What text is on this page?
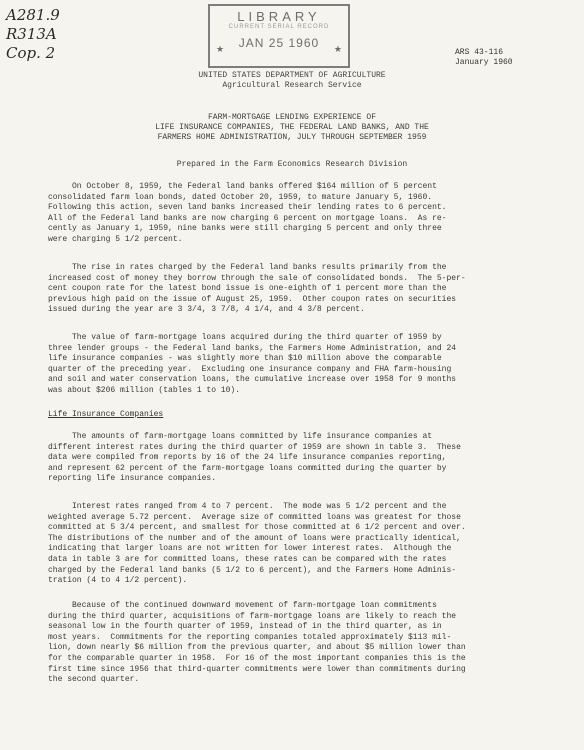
A281.9
R313A
Cop. 2
LIBRARY
CURRENT SERIAL RECORD
JAN 25 1960
★	★	ARS 43-116
January 1960
UNITED STATES DEPARTMENT OF AGRICULTURE
Agricultural Research Service
FARM-MORTGAGE LENDING EXPERIENCE OF
LIFE INSURANCE COMPANIES, THE FEDERAL LAND BANKS, AND THE
FARMERS HOME ADMINISTRATION, JULY THROUGH SEPTEMBER 1959
Prepared in the Farm Economics Research Division
On October 8, 1959, the Federal land banks offered $164 million of 5 percent
consolidated farm loan bonds, dated October 20, 1959, to mature January 5, 1960.
Following this action, seven land banks increased their lending rates to 6 percent.
All of the Federal land banks are now charging 6 percent on mortgage loans.  As re-
cently as January 1, 1959, nine banks were still charging 5 percent and only three
were charging 5 1/2 percent.
The rise in rates charged by the Federal land banks results primarily from the
increased cost of money they borrow through the sale of consolidated bonds.  The 5-per-
cent coupon rate for the latest bond issue is one-eighth of 1 percent more than the
previous high paid on the issue of August 25, 1959.  Other coupon rates on securities
issued during the year are 3 3/4, 3 7/8, 4 1/4, and 4 3/8 percent.
The value of farm-mortgage loans acquired during the third quarter of 1959 by
three lender groups - the Federal land banks, the Farmers Home Administration, and 24
life insurance companies - was slightly more than $10 million above the comparable
quarter of the preceding year.  Excluding one insurance company and FHA farm-housing
and soil and water conservation loans, the cumulative increase over 1958 for 9 months
was about $206 million (tables 1 to 10).
Life Insurance Companies
The amounts of farm-mortgage loans committed by life insurance companies at
different interest rates during the third quarter of 1959 are shown in table 3.  These
data were compiled from reports by 16 of the 24 life insurance companies reporting,
and represent 62 percent of the farm-mortgage loans committed during the quarter by
reporting life insurance companies.
Interest rates ranged from 4 to 7 percent.  The mode was 5 1/2 percent and the
weighted average 5.72 percent.  Average size of committed loans was greatest for those
committed at 5 3/4 percent, and smallest for those committed at 6 1/2 percent and over.
The distributions of the number and of the amount of loans were practically identical,
indicating that larger loans are not written for lower interest rates.  Although the
data in table 3 are for committed loans, these rates can be compared with the rates
charged by the Federal land banks (5 1/2 to 6 percent), and the Farmers Home Adminis-
tration (4 to 4 1/2 percent).
Because of the continued downward movement of farm-mortgage loan commitments
during the third quarter, acquisitions of farm-mortgage loans are likely to reach the
seasonal low in the fourth quarter of 1959, instead of in the third quarter, as in
most years.  Commitments for the reporting companies totaled approximately $113 mil-
lion, down nearly $6 million from the previous quarter, and about $5 million lower than
for the comparable quarter in 1958.  For 16 of the most important companies this is the
first time since 1956 that third-quarter commitments were lower than commitments during
the second quarter.
